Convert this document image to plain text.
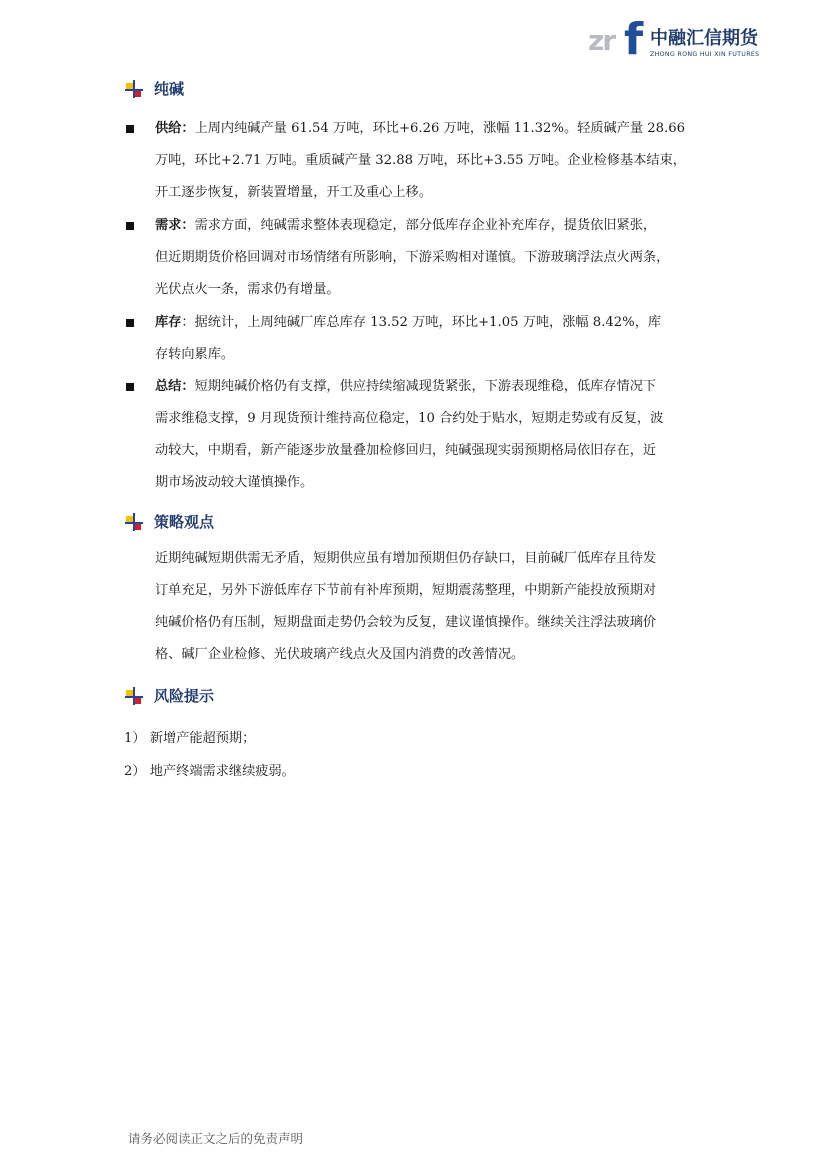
zr f 中融汇信期货
ZHONG RONG HUI XIN FUTURES
纯碱
供给：上周内纯碱产量 61.54 万吨，环比+6.26 万吨，涨幅 11.32%。轻质碱产量 28.66
万吨，环比+2.71 万吨。重质碱产量 32.88 万吨，环比+3.55 万吨。企业检修基本结束，
开工逐步恢复，新装置增量，开工及重心上移。
需求：需求方面，纯碱需求整体表现稳定，部分低库存企业补充库存，提货依旧紧张，
但近期期货价格回调对市场情绪有所影响，下游采购相对谨慎。下游玻璃浮法点火两条，
光伏点火一条，需求仍有增量。
库存：据统计，上周纯碱厂库总库存 13.52 万吨，环比+1.05 万吨，涨幅 8.42%，库
存转向累库。
总结：短期纯碱价格仍有支撑，供应持续缩减现货紧张，下游表现维稳，低库存情况下
需求维稳支撑，9 月现货预计维持高位稳定，10 合约处于贴水，短期走势或有反复，波
动较大，中期看，新产能逐步放量叠加检修回归，纯碱强现实弱预期格局依旧存在，近
期市场波动较大谨慎操作。
策略观点
近期纯碱短期供需无矛盾，短期供应虽有增加预期但仍存缺口，目前碱厂低库存且待发
订单充足，另外下游低库存下节前有补库预期，短期震荡整理，中期新产能投放预期对
纯碱价格仍有压制，短期盘面走势仍会较为反复，建议谨慎操作。继续关注浮法玻璃价
格、碱厂企业检修、光伏玻璃产线点火及国内消费的改善情况。
风险提示
1） 新增产能超预期；
2） 地产终端需求继续疲弱。
请务必阅读正文之后的免责声明
